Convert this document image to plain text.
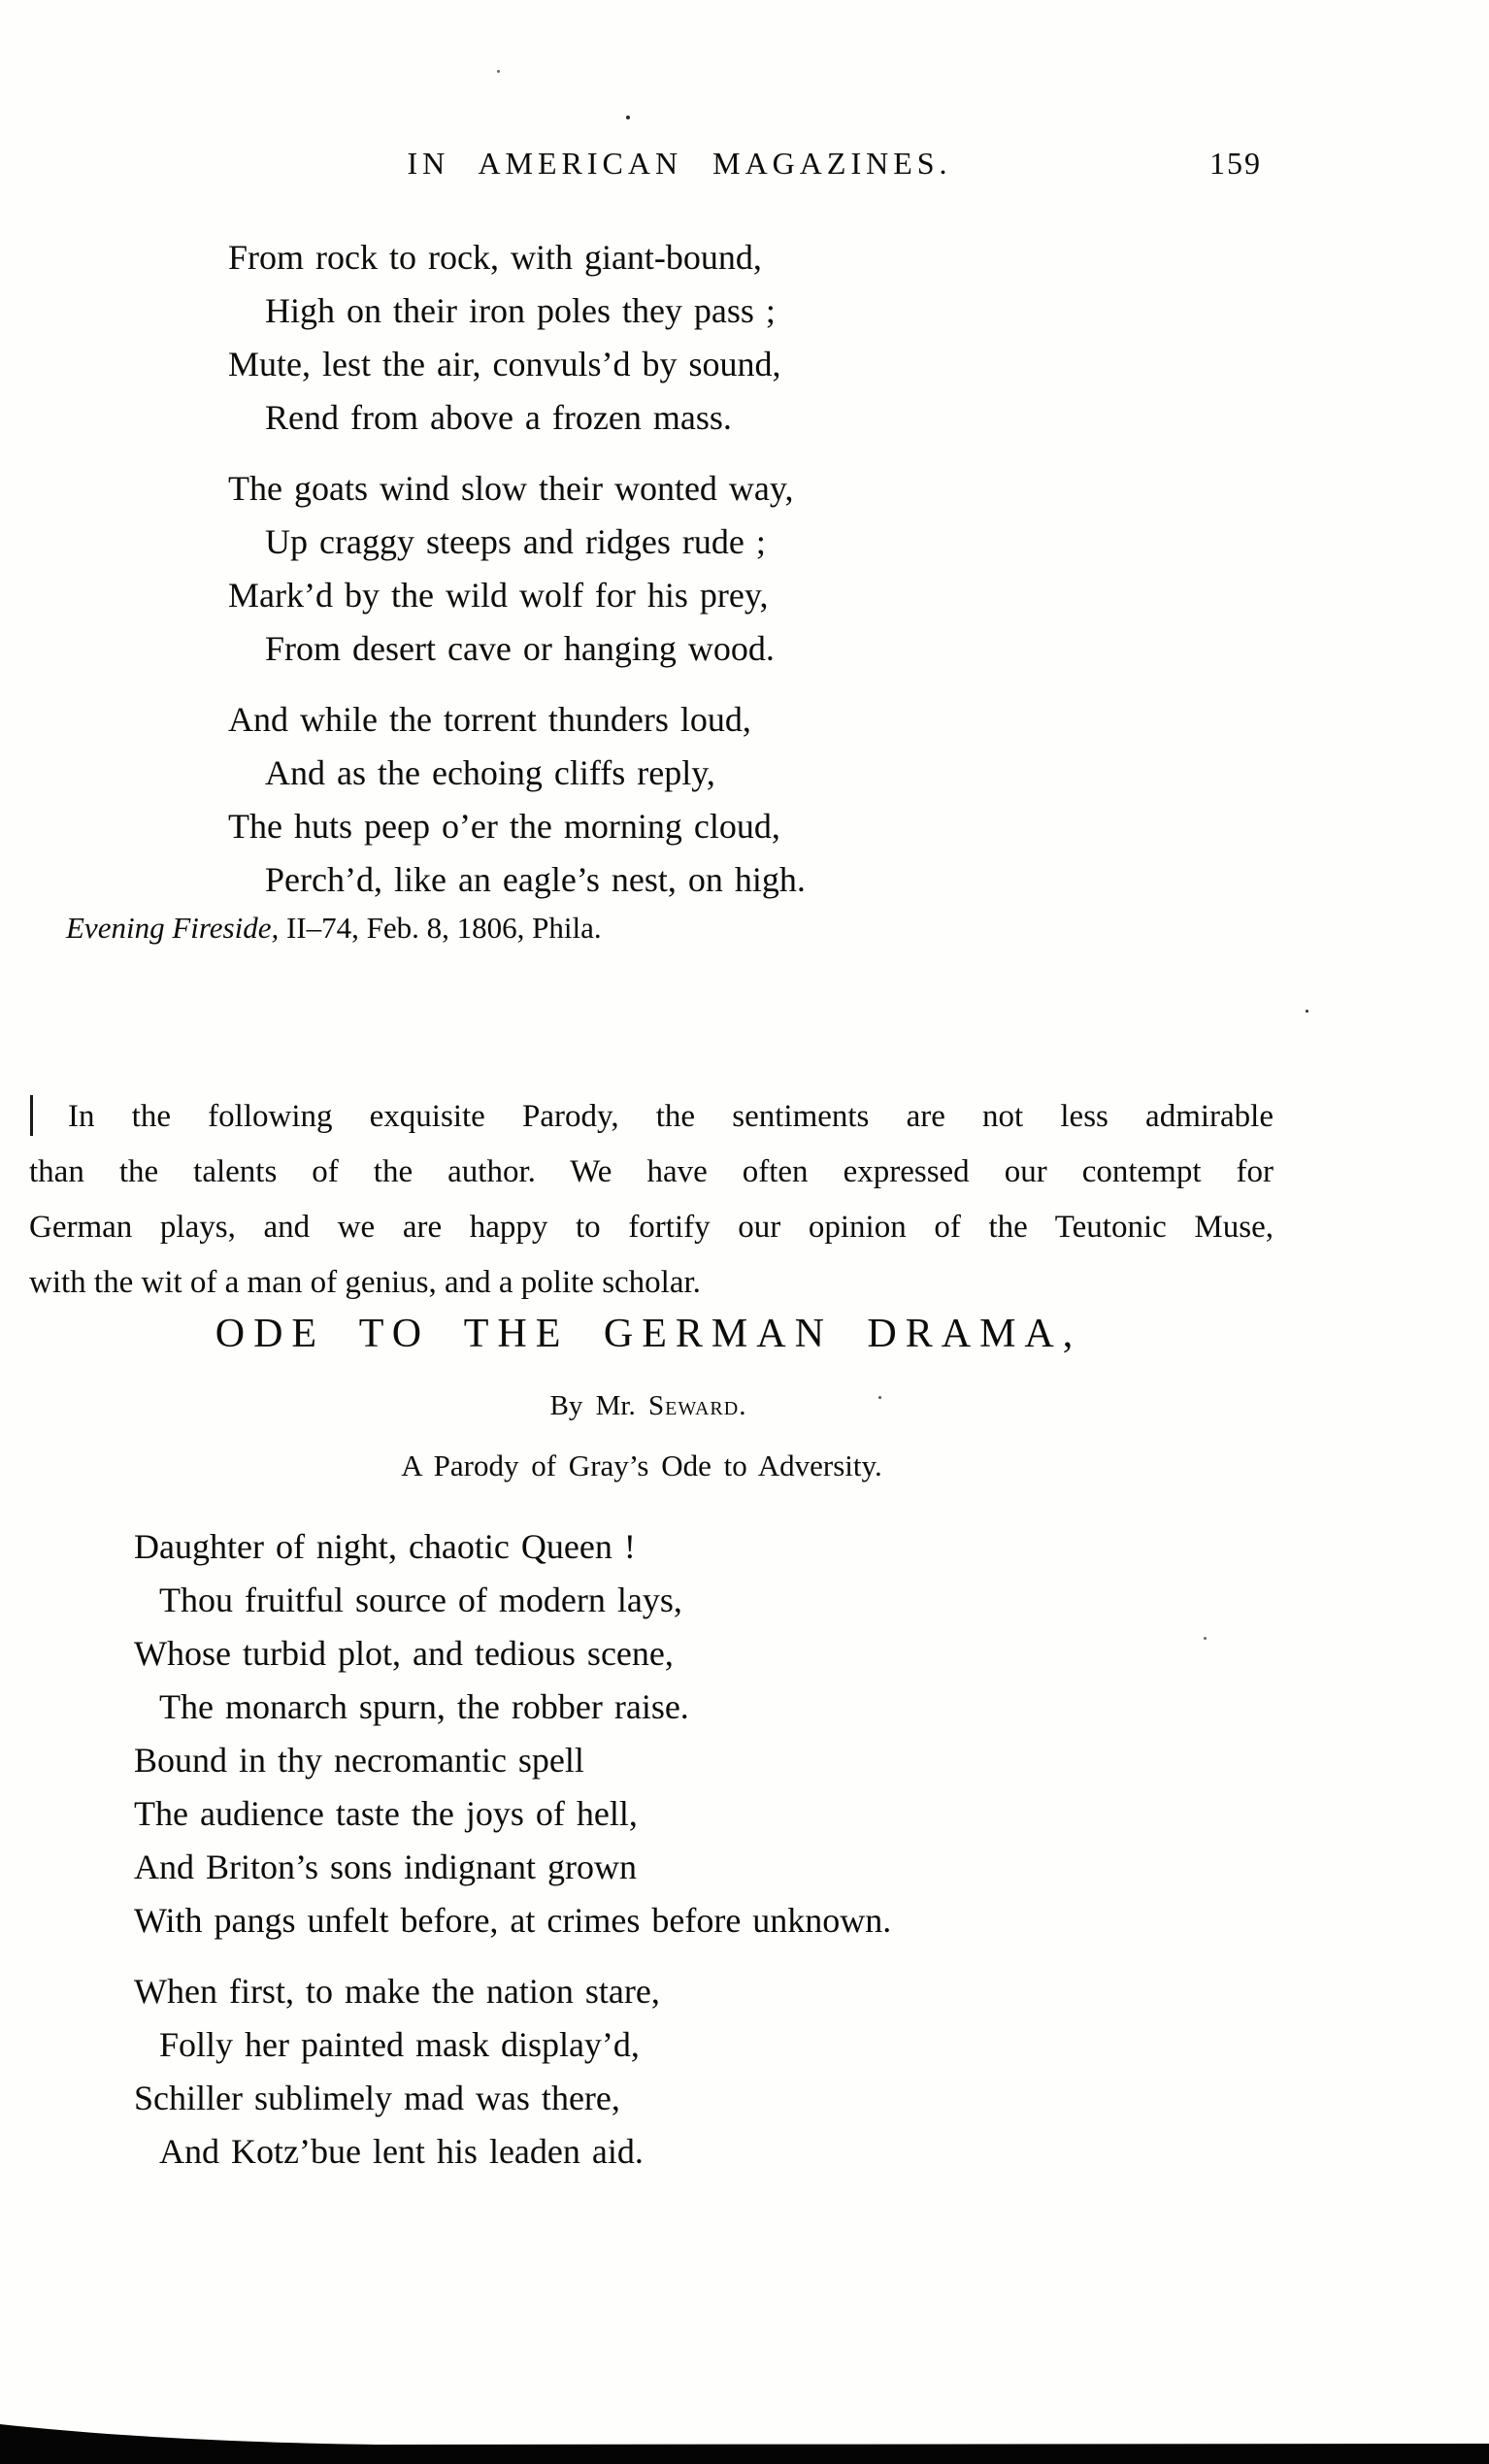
IN AMERICAN MAGAZINES.	159
From rock to rock, with giant-bound,
High on their iron poles they pass ;
Mute, lest the air, convuls’d by sound,
Rend from above a frozen mass.
The goats wind slow their wonted way,
Up craggy steeps and ridges rude ;
Mark’d by the wild wolf for his prey,
From desert cave or hanging wood.
And while the torrent thunders loud,
And as the echoing cliffs reply,
The huts peep o’er the morning cloud,
Perch’d, like an eagle’s nest, on high.
Evening Fireside, II–74, Feb. 8, 1806, Phila.
In the following exquisite Parody, the sentiments are not less admirable
than the talents of the author. We have often expressed our contempt for
German plays, and we are happy to fortify our opinion of the Teutonic Muse,
with the wit of a man of genius, and a polite scholar.
ODE TO THE GERMAN DRAMA,
By Mr. Seward.
A Parody of Gray’s Ode to Adversity.
Daughter of night, chaotic Queen !
Thou fruitful source of modern lays,
Whose turbid plot, and tedious scene,
The monarch spurn, the robber raise.
Bound in thy necromantic spell
The audience taste the joys of hell,
And Briton’s sons indignant grown
With pangs unfelt before, at crimes before unknown.
When first, to make the nation stare,
Folly her painted mask display’d,
Schiller sublimely mad was there,
And Kotz’bue lent his leaden aid.
